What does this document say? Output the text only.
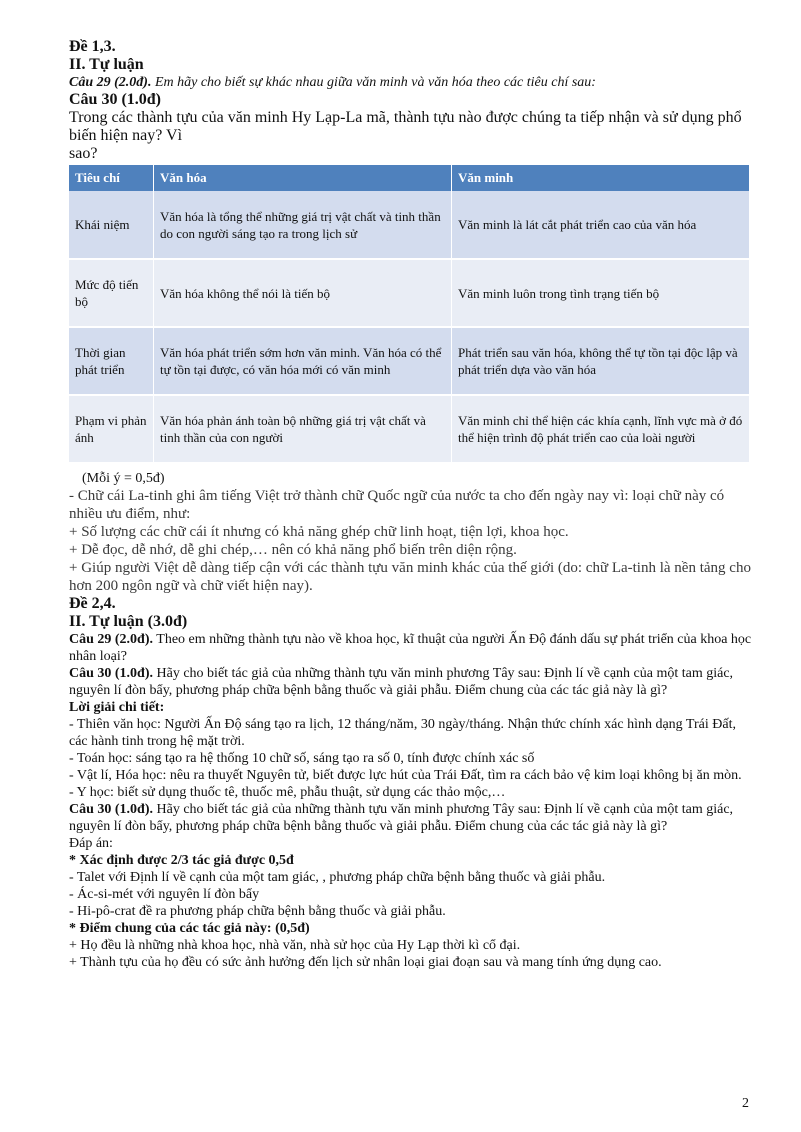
Đề 1,3.
II. Tự luận
Câu 29 (2.0đ). Em hãy cho biết sự khác nhau giữa văn minh và văn hóa theo các tiêu chí sau:
Câu 30 (1.0đ)
Trong các thành tựu của văn minh Hy Lạp-La mã, thành tựu nào được chúng ta tiếp nhận và sử dụng phổ biến hiện nay? Vì
sao?
Tiêu chí	Văn hóa	Văn minh
Khái niệm	Văn hóa là tổng thể những giá trị vật chất và tinh thần do con người sáng tạo ra trong lịch sử	Văn minh là lát cắt phát triển cao của văn hóa
Mức độ tiến bộ	Văn hóa không thể nói là tiến bộ	Văn minh luôn trong tình trạng tiến bộ
Thời gian phát triển	Văn hóa phát triển sớm hơn văn minh. Văn hóa có thể tự tồn tại được, có văn hóa mới có văn minh	Phát triển sau văn hóa, không thể tự tồn tại độc lập và phát triển dựa vào văn hóa
Phạm vi phản ánh	Văn hóa phản ánh toàn bộ những giá trị vật chất và tinh thần của con người	Văn minh chỉ thể hiện các khía cạnh, lĩnh vực mà ở đó thể hiện trình độ phát triển cao của loài người
(Mỗi ý = 0,5đ)
- Chữ cái La-tinh ghi âm tiếng Việt trở thành chữ Quốc ngữ của nước ta cho đến ngày nay vì: loại chữ này có nhiều ưu điểm, như:
+ Số lượng các chữ cái ít nhưng có khả năng ghép chữ linh hoạt, tiện lợi, khoa học.
+ Dễ đọc, dễ nhớ, dễ ghi chép,… nên có khả năng phổ biến trên diện rộng.
+ Giúp người Việt dễ dàng tiếp cận với các thành tựu văn minh khác của thế giới (do: chữ La-tinh là nền tảng cho hơn 200 ngôn ngữ và chữ viết hiện nay).
Đề 2,4.
II. Tự luận (3.0đ)
Câu 29 (2.0đ). Theo em những thành tựu nào về khoa học, kĩ thuật của người Ấn Độ đánh dấu sự phát triển của khoa học nhân loại?
Câu 30 (1.0đ). Hãy cho biết tác giả của những thành tựu văn minh phương Tây sau: Định lí về cạnh của một tam giác, nguyên lí đòn bẩy, phương pháp chữa bệnh bằng thuốc và giải phẫu. Điểm chung của các tác giả này là gì?
Lời giải chi tiết:
- Thiên văn học: Người Ấn Độ sáng tạo ra lịch, 12 tháng/năm, 30 ngày/tháng. Nhận thức chính xác hình dạng Trái Đất, các hành tinh trong hệ mặt trời.
- Toán học: sáng tạo ra hệ thống 10 chữ số, sáng tạo ra số 0, tính được chính xác số
- Vật lí, Hóa học: nêu ra thuyết Nguyên tử, biết được lực hút của Trái Đất, tìm ra cách bảo vệ kim loại không bị ăn mòn.
- Y học: biết sử dụng thuốc tê, thuốc mê, phẫu thuật, sử dụng các thảo mộc,…
Câu 30 (1.0đ). Hãy cho biết tác giả của những thành tựu văn minh phương Tây sau: Định lí về cạnh của một tam giác, nguyên lí đòn bẩy, phương pháp chữa bệnh bằng thuốc và giải phẫu. Điểm chung của các tác giả này là gì?
Đáp án:
* Xác định được 2/3 tác giả được 0,5đ
- Talet với Định lí về cạnh của một tam giác, , phương pháp chữa bệnh bằng thuốc và giải phẫu.
- Ác-si-mét với nguyên lí đòn bẩy
- Hi-pô-crat đề ra phương pháp chữa bệnh bằng thuốc và giải phẫu.
* Điểm chung của các tác giả này: (0,5đ)
+ Họ đều là những nhà khoa học, nhà văn, nhà sử học của Hy Lạp thời kì cổ đại.
+ Thành tựu của họ đều có sức ảnh hưởng đến lịch sử nhân loại giai đoạn sau và mang tính ứng dụng cao.
2
